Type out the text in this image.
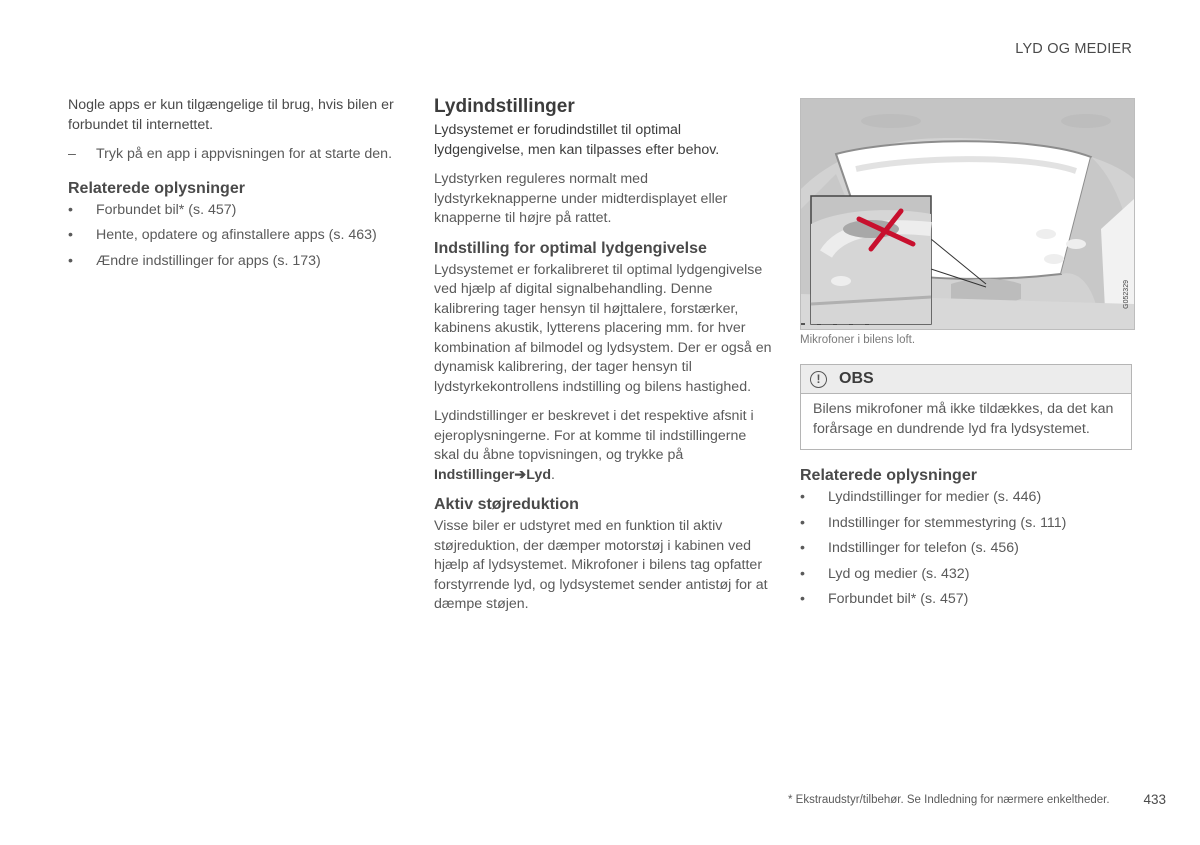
LYD OG MEDIER

Nogle apps er kun tilgængelige til brug, hvis bilen er forbundet til internettet.

– Tryk på en app i appvisningen for at starte den.
Relaterede oplysninger
• Forbundet bil* (s. 457)
• Hente, opdatere og afinstallere apps (s. 463)
• Ændre indstillinger for apps (s. 173)
Lydindstillinger

Lydsystemet er forudindstillet til optimal lydgengivelse, men kan tilpasses efter behov.

Lydstyrken reguleres normalt med lydstyrkeknapperne under midterdisplayet eller knapperne til højre på rattet.

Indstilling for optimal lydgengivelse

Lydsystemet er forkalibreret til optimal lydgengivelse ved hjælp af digital signalbehandling. Denne kalibrering tager hensyn til højttalere, forstærker, kabinens akustik, lytterens placering mm. for hver kombination af bilmodel og lydsystem. Der er også en dynamisk kalibrering, der tager hensyn til lydstyrkekontrollens indstilling og bilens hastighed.

Lydindstillinger er beskrevet i det respektive afsnit i ejeroplysningerne. For at komme til indstillingerne skal du åbne topvisningen, og trykke på Indstillinger➔Lyd.

Aktiv støjreduktion

Visse biler er udstyret med en funktion til aktiv støjreduktion, der dæmper motorstøj i kabinen ved hjælp af lydsystemet. Mikrofoner i bilens tag opfatter forstyrrende lyd, og lydsystemet sender antistøj for at dæmpe støjen.

G052329
Mikrofoner i bilens loft.
!	OBS
Bilens mikrofoner må ikke tildækkes, da det kan forårsage en dundrende lyd fra lydsystemet.
Relaterede oplysninger
• Lydindstillinger for medier (s. 446)
• Indstillinger for stemmestyring (s. 111)
• Indstillinger for telefon (s. 456)
• Lyd og medier (s. 432)
• Forbundet bil* (s. 457)
* Ekstraudstyr/tilbehør. Se Indledning for nærmere enkeltheder.	433
